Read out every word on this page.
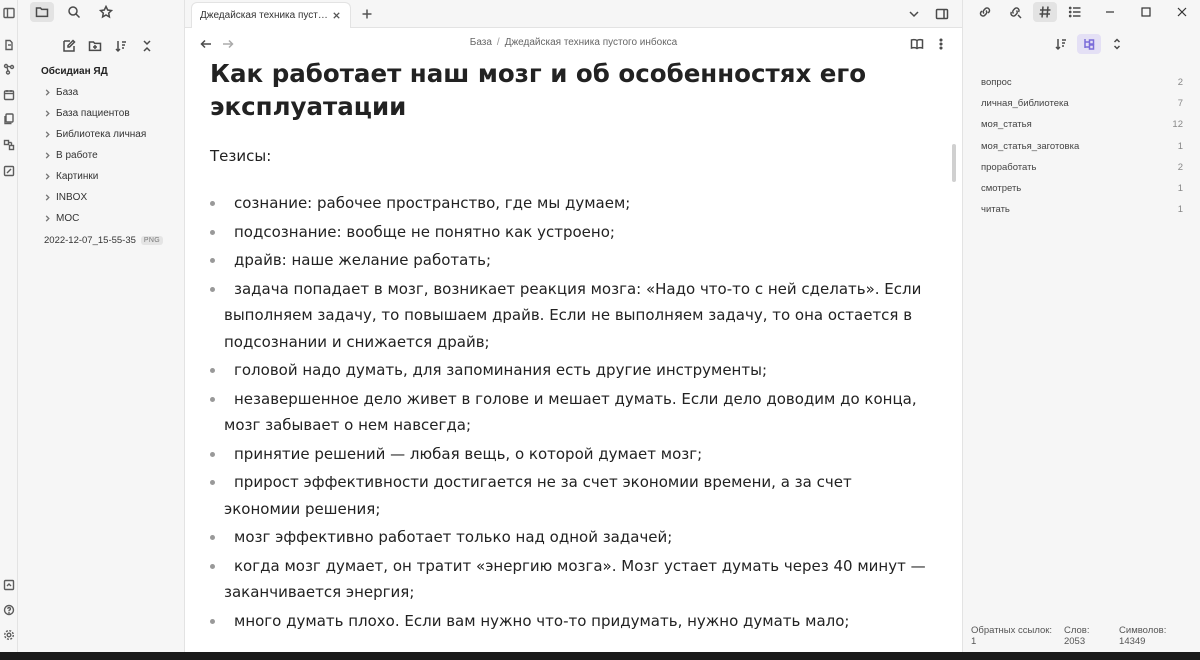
Обсидиан ЯД
База
База пациентов
Библиотека личная
В работе
Картинки
INBOX
MOC
2022-12-07_15-55-35	PNG
Джедайская техника пуст…
База / Джедайская техника пустого инбокса
Как работает наш мозг и об особенностях его эксплуатации
Тезисы:
сознание: рабочее пространство, где мы думаем;
подсознание: вообще не понятно как устроено;
драйв: наше желание работать;
задача попадает в мозг, возникает реакция мозга: «Надо что-то с ней сделать». Если выполняем задачу, то повышаем драйв. Если не выполняем задачу, то она остается в подсознании и снижается драйв;
головой надо думать, для запоминания есть другие инструменты;
незавершенное дело живет в голове и мешает думать. Если дело доводим до конца, мозг забывает о нем навсегда;
принятие решений — любая вещь, о которой думает мозг;
прирост эффективности достигается не за счет экономии времени, а за счет экономии решения;
мозг эффективно работает только над одной задачей;
когда мозг думает, он тратит «энергию мозга». Мозг устает думать через 40 минут — заканчивается энергия;
много думать плохо. Если вам нужно что-то придумать, нужно думать мало;
вопрос	2
личная_библиотека	7
моя_статья	12
моя_статья_заготовка	1
проработать	2
смотреть	1
читать	1
Обратных ссылок: 1
Слов: 2053
Символов: 14349
